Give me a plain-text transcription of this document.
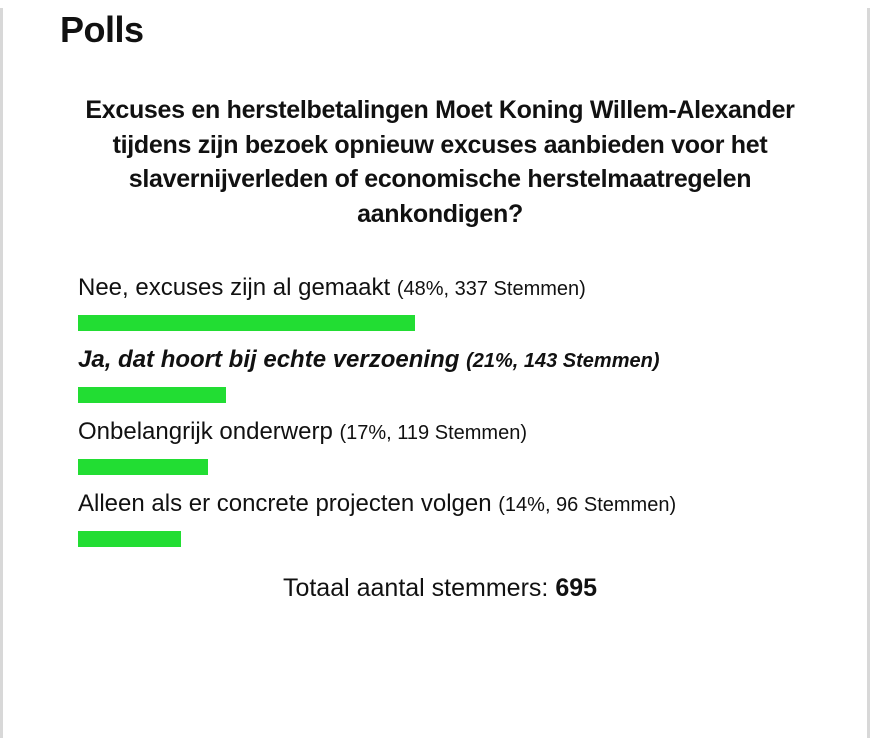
Polls
Excuses en herstelbetalingen Moet Koning Willem-Alexander tijdens zijn bezoek opnieuw excuses aanbieden voor het slavernijverleden of economische herstelmaatregelen aankondigen?
Nee, excuses zijn al gemaakt (48%, 337 Stemmen)
Ja, dat hoort bij echte verzoening (21%, 143 Stemmen)
Onbelangrijk onderwerp (17%, 119 Stemmen)
Alleen als er concrete projecten volgen (14%, 96 Stemmen)
Totaal aantal stemmers: 695
